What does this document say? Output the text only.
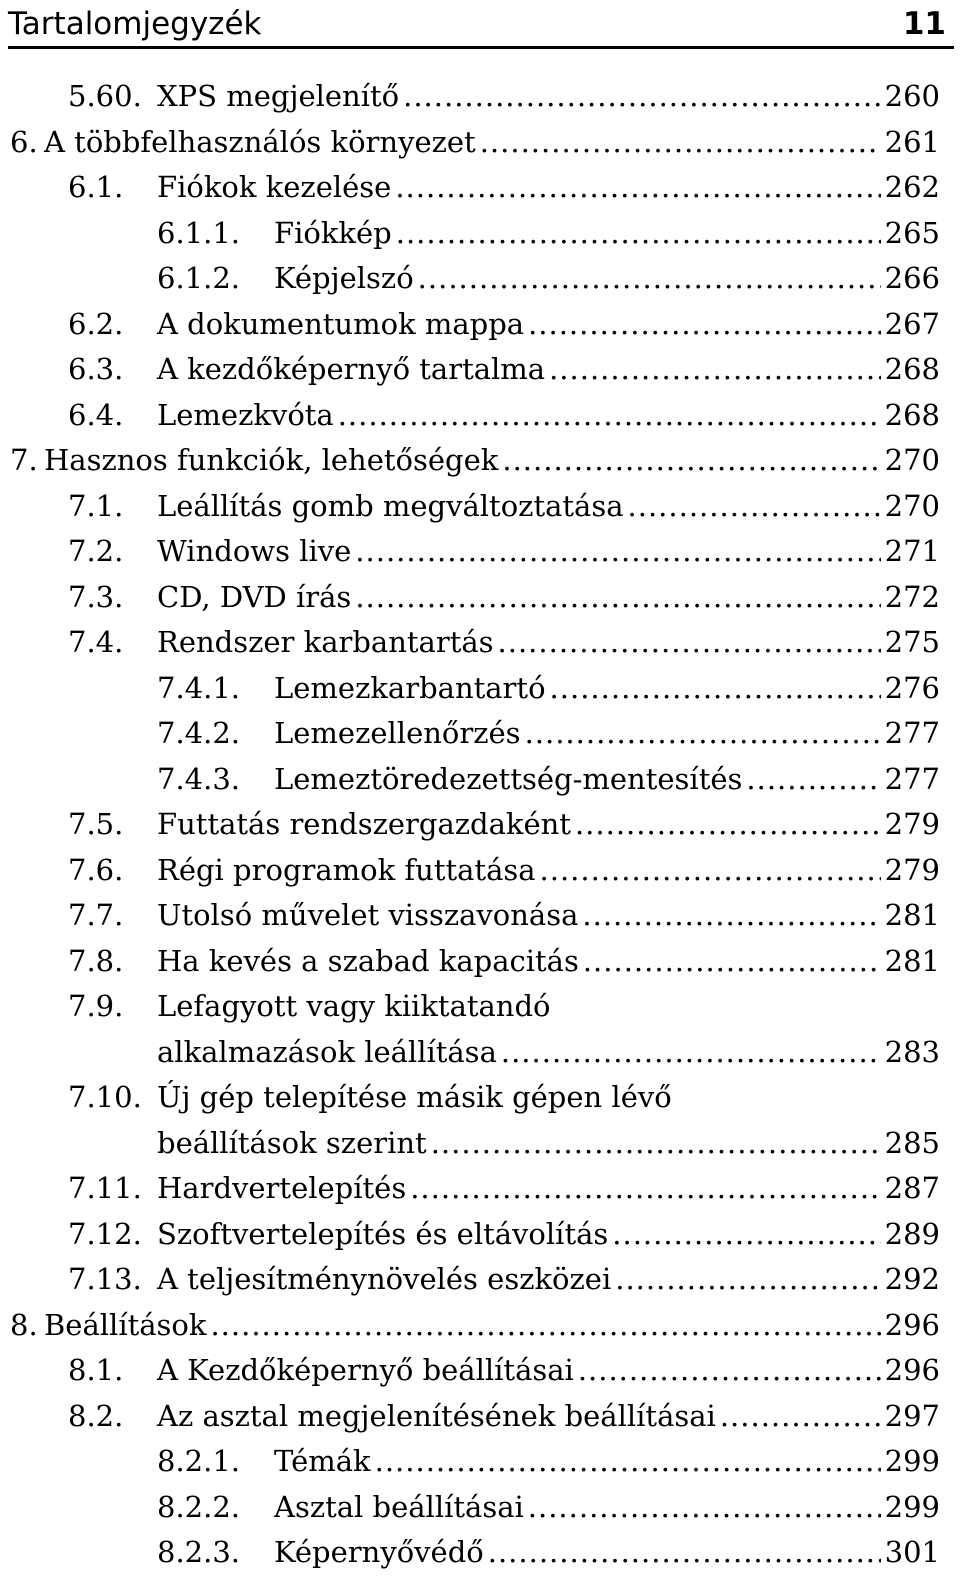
Tartalomjegyzék	11
5.60. XPS megjelenítő .....	260
6. A többfelhasználós környezet .....	261
6.1. Fiókok kezelése .....	262
6.1.1. Fiókkép .....	265
6.1.2. Képjelszó .....	266
6.2. A dokumentumok mappa .....	267
6.3. A kezdőképernyő tartalma .....	268
6.4. Lemezkvóta .....	268
7. Hasznos funkciók, lehetőségek .....	270
7.1. Leállítás gomb megváltoztatása .....	270
7.2. Windows live .....	271
7.3. CD, DVD írás .....	272
7.4. Rendszer karbantartás .....	275
7.4.1. Lemezkarbantartó .....	276
7.4.2. Lemezellenőrzés .....	277
7.4.3. Lemeztöredezettség-mentesítés .....	277
7.5. Futtatás rendszergazdaként .....	279
7.6. Régi programok futtatása .....	279
7.7. Utolsó művelet visszavonása .....	281
7.8. Ha kevés a szabad kapacitás .....	281
7.9. Lefagyott vagy kiiktatandó
alkalmazások leállítása .....	283
7.10. Új gép telepítése másik gépen lévő
beállítások szerint .....	285
7.11. Hardvertelepítés .....	287
7.12. Szoftvertelepítés és eltávolítás .....	289
7.13. A teljesítménynövelés eszközei .....	292
8. Beállítások .....	296
8.1. A Kezdőképernyő beállításai .....	296
8.2. Az asztal megjelenítésének beállításai .....	297
8.2.1. Témák .....	299
8.2.2. Asztal beállításai .....	299
8.2.3. Képernyővédő .....	301
